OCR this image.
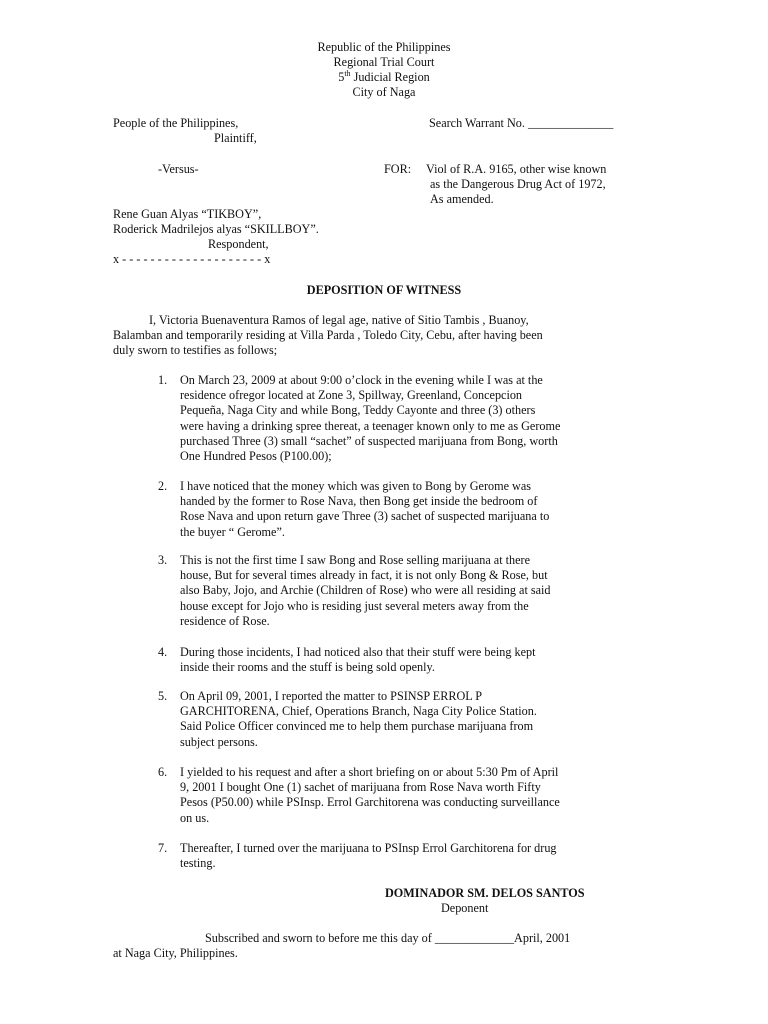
Republic of the Philippines
Regional Trial Court
5th Judicial Region
City of Naga
People of the Philippines,
Plaintiff,
Search Warrant No. ______________
-Versus-	FOR: Viol of R.A. 9165, other wise known
as the Dangerous Drug Act of 1972,
As amended.
Rene Guan Alyas “TIKBOY”,
Roderick Madrilejos alyas “SKILLBOY”.
Respondent,
x - - - - - - - - - - - - - - - - - - - - x
DEPOSITION OF WITNESS
I, Victoria Buenaventura Ramos of legal age, native of Sitio Tambis , Buanoy,
Balamban and temporarily residing at Villa Parda , Toledo City, Cebu, after having been
duly sworn to testifies as follows;
1.	On March 23, 2009 at about 9:00 o’clock in the evening while I was at the
residence ofregor located at Zone 3, Spillway, Greenland, Concepcion
Pequeña, Naga City and while Bong, Teddy Cayonte and three (3) others
were having a drinking spree thereat, a teenager known only to me as Gerome
purchased Three (3) small “sachet” of suspected marijuana from Bong, worth
One Hundred Pesos (P100.00);
2.	I have noticed that the money which was given to Bong by Gerome was
handed by the former to Rose Nava, then Bong get inside the bedroom of
Rose Nava and upon return gave Three (3) sachet of suspected marijuana to
the buyer “ Gerome”.
3.	This is not the first time I saw Bong and Rose selling marijuana at there
house, But for several times already in fact, it is not only Bong & Rose, but
also Baby, Jojo, and Archie (Children of Rose) who were all residing at said
house except for Jojo who is residing just several meters away from the
residence of Rose.
4.	During those incidents, I had noticed also that their stuff were being kept
inside their rooms and the stuff is being sold openly.
5.	On April 09, 2001, I reported the matter to PSINSP ERROL P
GARCHITORENA, Chief, Operations Branch, Naga City Police Station.
Said Police Officer convinced me to help them purchase marijuana from
subject persons.
6.	I yielded to his request and after a short briefing on or about 5:30 Pm of April
9, 2001 I bought One (1) sachet of marijuana from Rose Nava worth Fifty
Pesos (P50.00) while PSInsp. Errol Garchitorena was conducting surveillance
on us.
7.	Thereafter, I turned over the marijuana to PSInsp Errol Garchitorena for drug
testing.
DOMINADOR SM. DELOS SANTOS
Deponent
Subscribed and sworn to before me this day of _____________April, 2001
at Naga City, Philippines.
